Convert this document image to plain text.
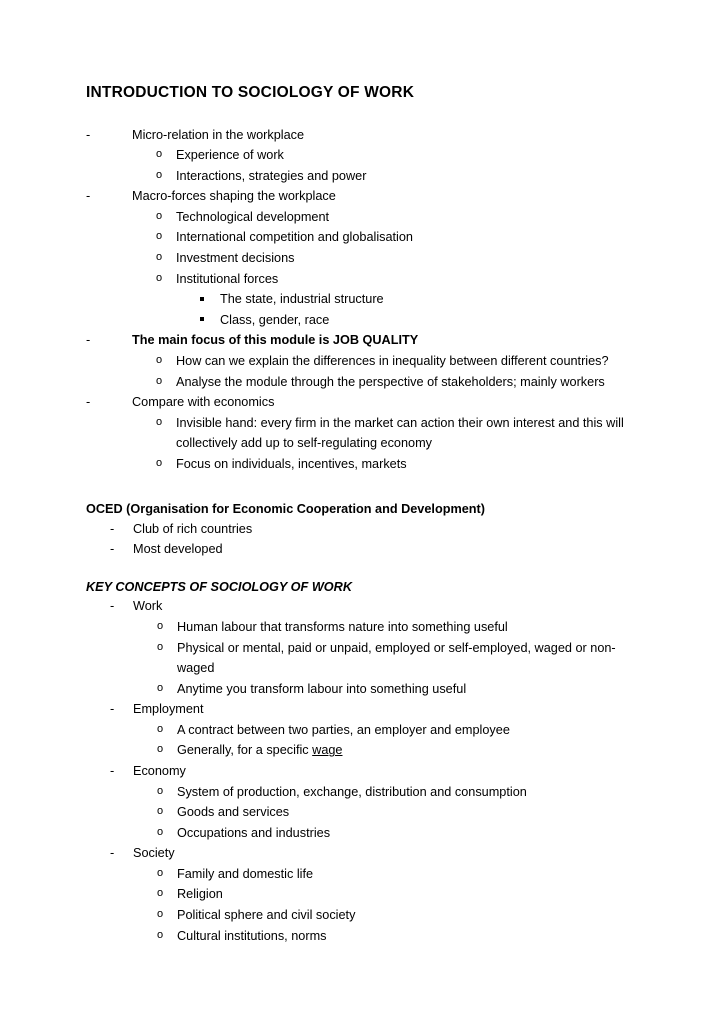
INTRODUCTION TO SOCIOLOGY OF WORK
-	Micro-relation in the workplace
o	Experience of work
o	Interactions, strategies and power
-	Macro-forces shaping the workplace
o	Technological development
o	International competition and globalisation
o	Investment decisions
o	Institutional forces
The state, industrial structure
Class, gender, race
-	The main focus of this module is JOB QUALITY
o	How can we explain the differences in inequality between different countries?
o	Analyse the module through the perspective of stakeholders; mainly workers
-	Compare with economics
o	Invisible hand: every firm in the market can action their own interest and this will collectively add up to self-regulating economy
o	Focus on individuals, incentives, markets
OCED (Organisation for Economic Cooperation and Development)
-	Club of rich countries
-	Most developed
KEY CONCEPTS OF SOCIOLOGY OF WORK
-	Work
o	Human labour that transforms nature into something useful
o	Physical or mental, paid or unpaid, employed or self-employed, waged or non-waged
o	Anytime you transform labour into something useful
-	Employment
o	A contract between two parties, an employer and employee
o	Generally, for a specific wage
-	Economy
o	System of production, exchange, distribution and consumption
o	Goods and services
o	Occupations and industries
-	Society
o	Family and domestic life
o	Religion
o	Political sphere and civil society
o	Cultural institutions, norms
